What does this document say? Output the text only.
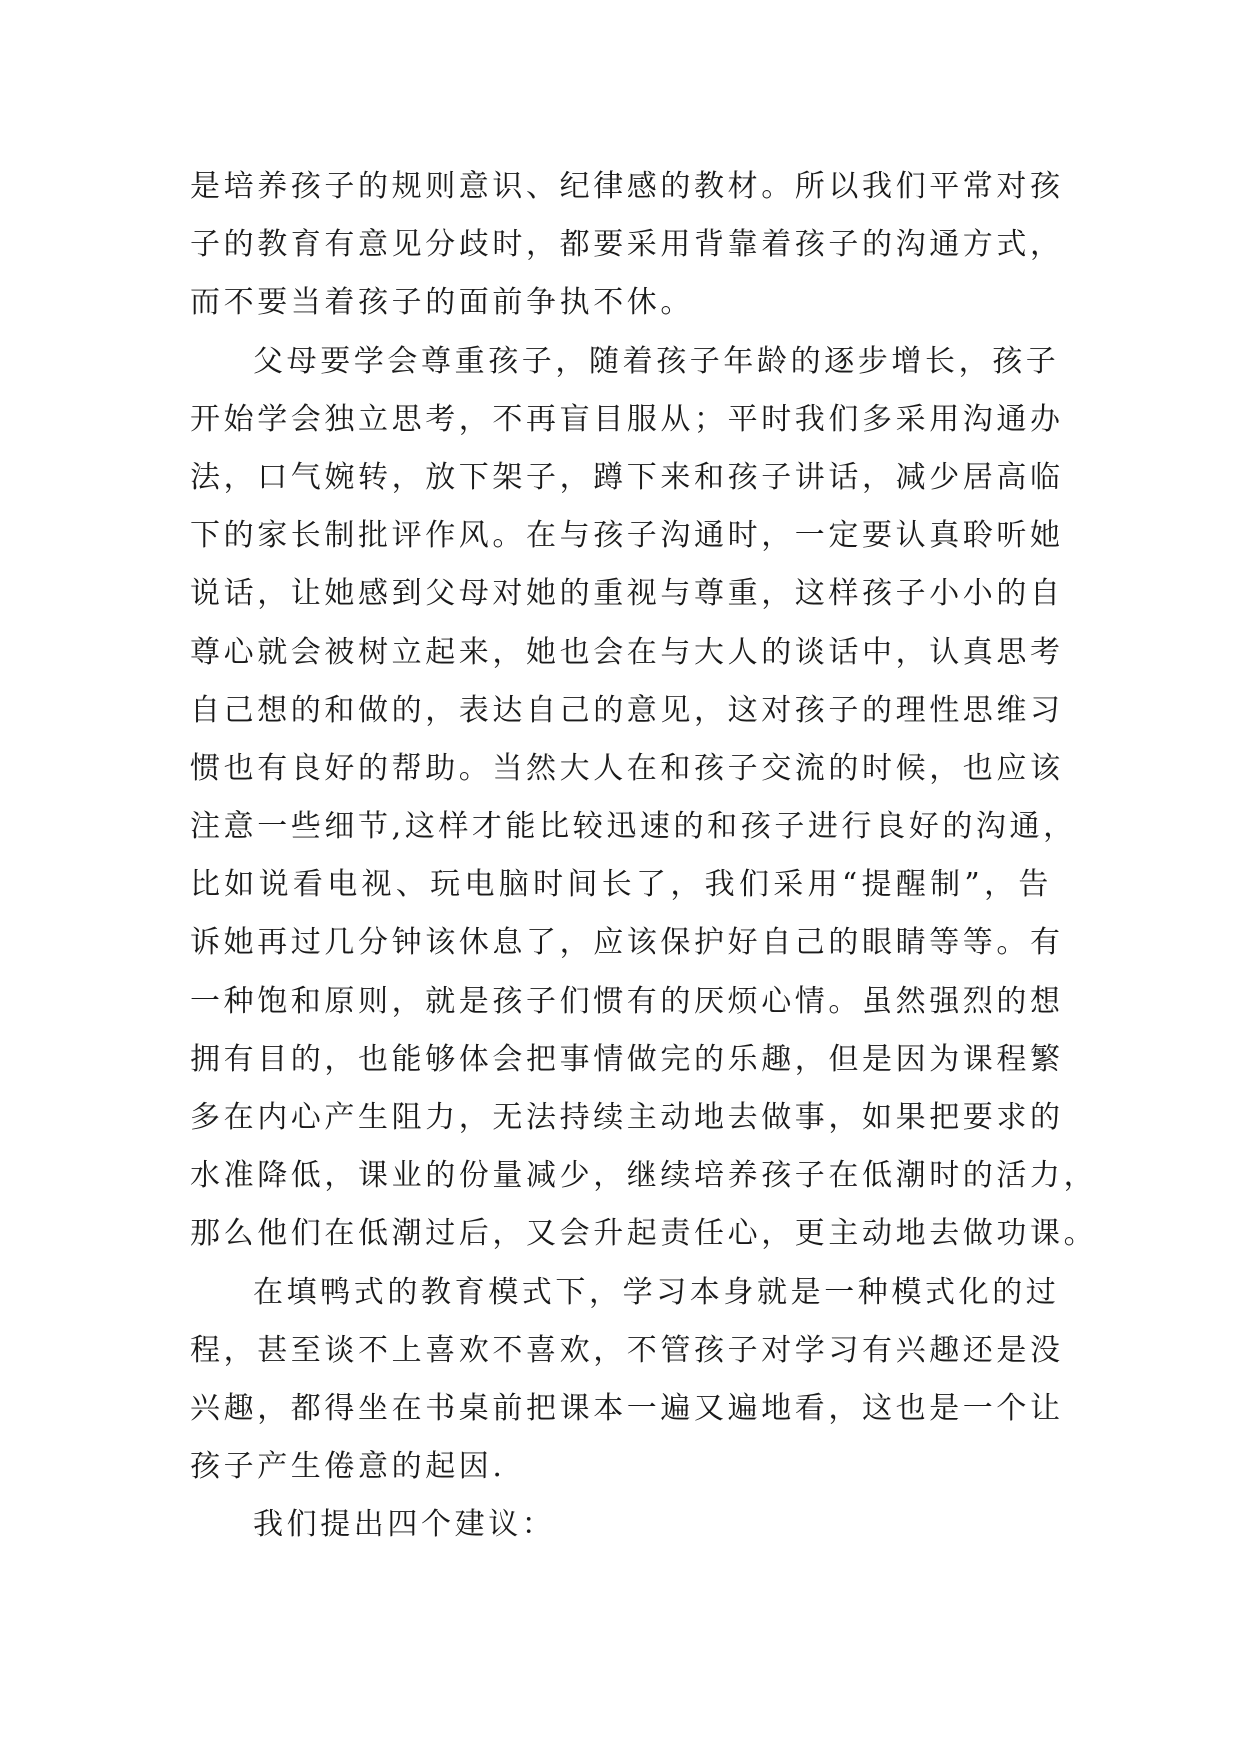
是培养孩子的规则意识、纪律感的教材。所以我们平常对孩
子的教育有意见分歧时，都要采用背靠着孩子的沟通方式，
而不要当着孩子的面前争执不休。
父母要学会尊重孩子，随着孩子年龄的逐步增长，孩子
开始学会独立思考，不再盲目服从；平时我们多采用沟通办
法，口气婉转，放下架子，蹲下来和孩子讲话，减少居高临
下的家长制批评作风。在与孩子沟通时，一定要认真聆听她
说话，让她感到父母对她的重视与尊重，这样孩子小小的自
尊心就会被树立起来，她也会在与大人的谈话中，认真思考
自己想的和做的，表达自己的意见，这对孩子的理性思维习
惯也有良好的帮助。当然大人在和孩子交流的时候，也应该
注意一些细节,这样才能比较迅速的和孩子进行良好的沟通，
比如说看电视、玩电脑时间长了，我们采用“提醒制”，告
诉她再过几分钟该休息了，应该保护好自己的眼睛等等。有
一种饱和原则，就是孩子们惯有的厌烦心情。虽然强烈的想
拥有目的，也能够体会把事情做完的乐趣，但是因为课程繁
多在内心产生阻力，无法持续主动地去做事，如果把要求的
水准降低，课业的份量减少，继续培养孩子在低潮时的活力，
那么他们在低潮过后，又会升起责任心，更主动地去做功课。
在填鸭式的教育模式下，学习本身就是一种模式化的过
程，甚至谈不上喜欢不喜欢，不管孩子对学习有兴趣还是没
兴趣，都得坐在书桌前把课本一遍又遍地看，这也是一个让
孩子产生倦意的起因.
我们提出四个建议：
